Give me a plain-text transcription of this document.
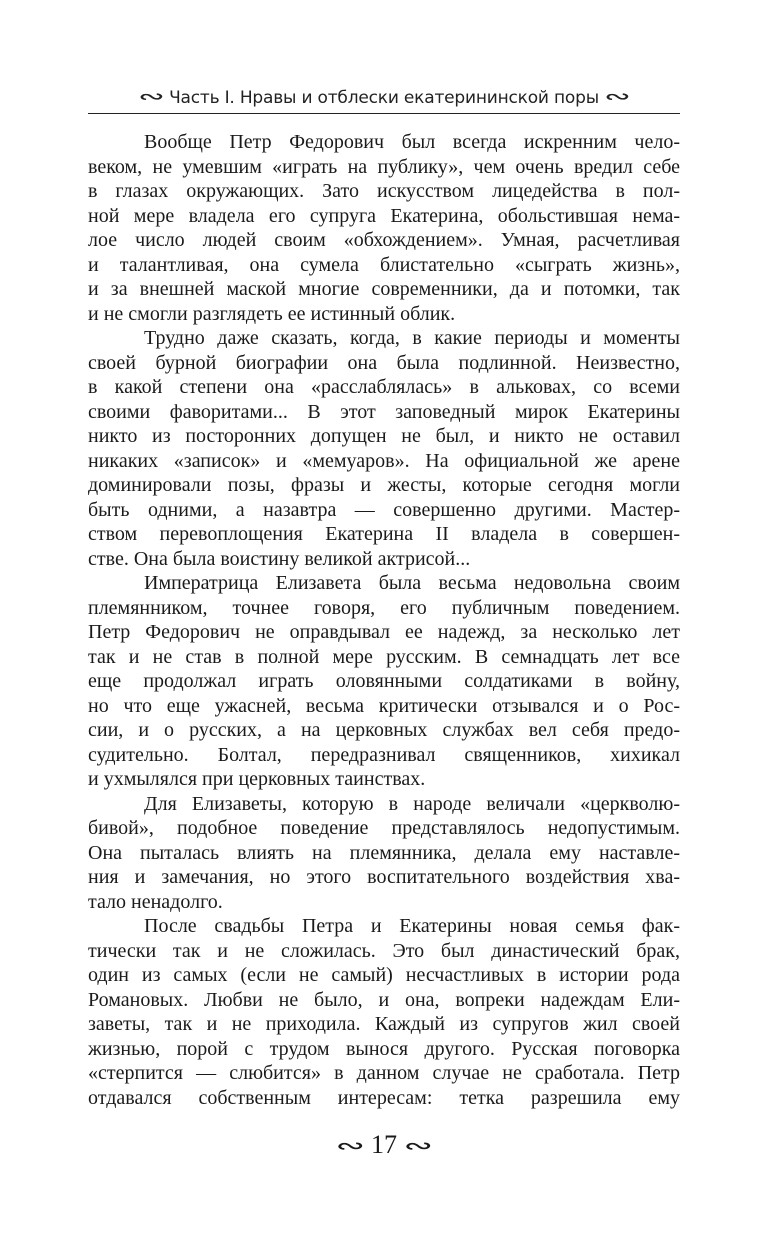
∾ Часть I. Нравы и отблески екатерининской поры ∾
Вообще Петр Федорович был всегда искренним чело-
веком, не умевшим «играть на публику», чем очень вредил себе
в глазах окружающих. Зато искусством лицедейства в пол-
ной мере владела его супруга Екатерина, обольстившая нема-
лое число людей своим «обхождением». Умная, расчетливая
и талантливая, она сумела блистательно «сыграть жизнь»,
и за внешней маской многие современники, да и потомки, так
и не смогли разглядеть ее истинный облик.
Трудно даже сказать, когда, в какие периоды и моменты
своей бурной биографии она была подлинной. Неизвестно,
в какой степени она «расслаблялась» в альковах, со всеми
своими фаворитами... В этот заповедный мирок Екатерины
никто из посторонних допущен не был, и никто не оставил
никаких «записок» и «мемуаров». На официальной же арене
доминировали позы, фразы и жесты, которые сегодня могли
быть одними, а назавтра — совершенно другими. Мастер-
ством перевоплощения Екатерина II владела в совершен-
стве. Она была воистину великой актрисой...
Императрица Елизавета была весьма недовольна своим
племянником, точнее говоря, его публичным поведением.
Петр Федорович не оправдывал ее надежд, за несколько лет
так и не став в полной мере русским. В семнадцать лет все
еще продолжал играть оловянными солдатиками в войну,
но что еще ужасней, весьма критически отзывался и о Рос-
сии, и о русских, а на церковных службах вел себя предо-
судительно. Болтал, передразнивал священников, хихикал
и ухмылялся при церковных таинствах.
Для Елизаветы, которую в народе величали «церкволю-
бивой», подобное поведение представлялось недопустимым.
Она пыталась влиять на племянника, делала ему наставле-
ния и замечания, но этого воспитательного воздействия хва-
тало ненадолго.
После свадьбы Петра и Екатерины новая семья фак-
тически так и не сложилась. Это был династический брак,
один из самых (если не самый) несчастливых в истории рода
Романовых. Любви не было, и она, вопреки надеждам Ели-
заветы, так и не приходила. Каждый из супругов жил своей
жизнью, порой с трудом вынося другого. Русская поговорка
«стерпится — слюбится» в данном случае не сработала. Петр
отдавался собственным интересам: тетка разрешила ему
∾ 17 ∾
